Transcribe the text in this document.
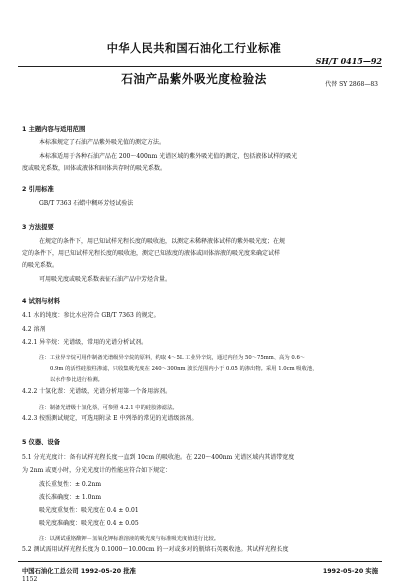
中华人民共和国石油化工行业标准
SH/T 0415—92
石油产品紫外吸光度检验法	代替 SY 2868—83
1 主题内容与适用范围
本标准规定了石油产品紫外吸光值的测定方法。
本标准适用于各种石油产品在 200～400nm 光谱区域的紫外吸光值的测定，包括液体试样的吸光
度或吸光系数，固体或液体和固体共存时的吸光系数。
2 引用标准
GB/T 7363 石蜡中稠环芳烃试验法
3 方法提要
在规定的条件下，用已知试样光程长度的吸收池，以测定未稀释液体试样的紫外吸光度；在规
定的条件下，用已知试样光程长度的吸收池，测定已知浓度的液体或固体溶液的吸光度来确定试样
的吸光系数。
可用吸光度或吸光系数表征石油产品中芳烃含量。
4 试剂与材料
4.1 水的纯度：参比水应符合 GB/T 7363 的规定。
4.2 溶剂
4.2.1 异辛烷：光谱级，常用的光谱分析试剂。
注：工业异辛烷可用作制备光谱级异辛烷的原料，约取 4～5L 工业异辛烷，通过内径为 50～75mm、高为 0.6～
0.9m 的活性硅胶柱渗滤，只收集吸光度在 240～300nm 波长范围内小于 0.05 的渗出物。采用 1.0cm 吸收池，
以水作参比进行检测。
4.2.2 十氢化萘：光谱级，光谱分析用第一个备用溶剂。
注：制备光谱级十氢化萘，可参照 4.2.1 中的硅胶渗滤法。
4.2.3 按照测试规定，可选用附录 E 中列举的常见的光谱级溶剂。
5 仪器、设备
5.1 分光光度计：备有试样光程长度一直到 10cm 的吸收池。在 220～400nm 光谱区域内其谱带宽度
为 2nm 或更小时，分光光度计的性能应符合如下规定：
波长重复性：± 0.2nm
波长准确度：± 1.0nm
吸光度重复性：吸光度在 0.4 ± 0.01
吸光度准确度：吸光度在 0.4 ± 0.05
注：以测试重铬酸钾－氢氧化钾标准溶液的吸光度与标准吸光度值进行比较。
5.2 测试需用试样光程长度为 0.1000～10.00cm 的一对或多对的瓶熔石英吸收池。其试样光程长度
中国石油化工总公司 1992-05-20 批准	1992-05-20 实施
1152
